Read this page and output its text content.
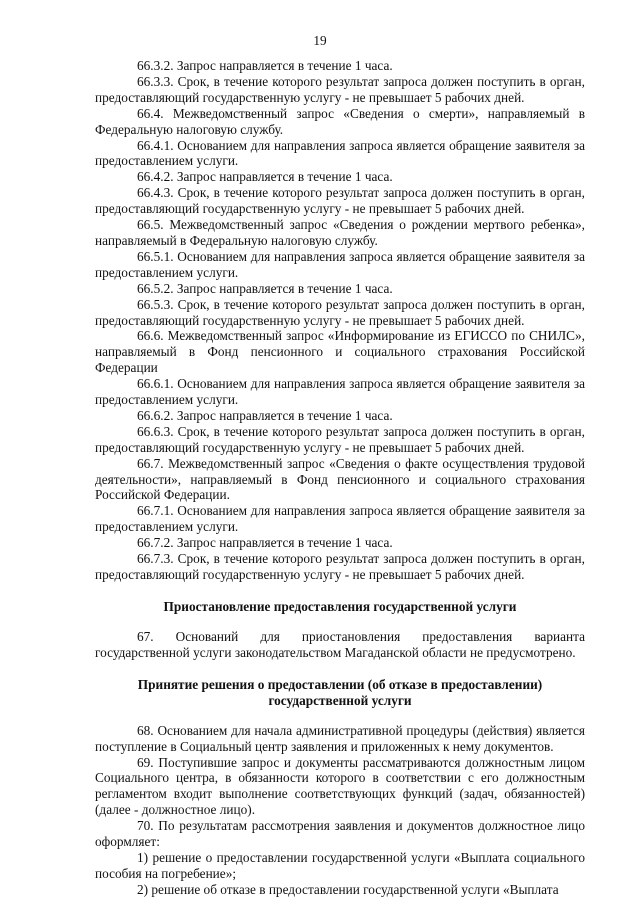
19

66.3.2. Запрос направляется в течение 1 часа.

66.3.3. Срок, в течение которого результат запроса должен поступить в орган, предоставляющий государственную услугу - не превышает 5 рабочих дней.

66.4. Межведомственный запрос «Сведения о смерти», направляемый в Федеральную налоговую службу.

66.4.1. Основанием для направления запроса является обращение заявителя за предоставлением услуги.

66.4.2. Запрос направляется в течение 1 часа.

66.4.3. Срок, в течение которого результат запроса должен поступить в орган, предоставляющий государственную услугу - не превышает 5 рабочих дней.

66.5. Межведомственный запрос «Сведения о рождении мертвого ребенка», направляемый в Федеральную налоговую службу.

66.5.1. Основанием для направления запроса является обращение заявителя за предоставлением услуги.

66.5.2. Запрос направляется в течение 1 часа.

66.5.3. Срок, в течение которого результат запроса должен поступить в орган, предоставляющий государственную услугу - не превышает 5 рабочих дней.

66.6. Межведомственный запрос «Информирование из ЕГИССО по СНИЛС», направляемый в Фонд пенсионного и социального страхования Российской Федерации

66.6.1. Основанием для направления запроса является обращение заявителя за предоставлением услуги.

66.6.2. Запрос направляется в течение 1 часа.

66.6.3. Срок, в течение которого результат запроса должен поступить в орган, предоставляющий государственную услугу - не превышает 5 рабочих дней.

66.7. Межведомственный запрос «Сведения о факте осуществления трудовой деятельности», направляемый в Фонд пенсионного и социального страхования Российской Федерации.

66.7.1. Основанием для направления запроса является обращение заявителя за предоставлением услуги.

66.7.2. Запрос направляется в течение 1 часа.

66.7.3. Срок, в течение которого результат запроса должен поступить в орган, предоставляющий государственную услугу - не превышает 5 рабочих дней.

Приостановление предоставления государственной услуги

67. Оснований для приостановления предоставления варианта государственной услуги законодательством Магаданской области не предусмотрено.

Принятие решения о предоставлении (об отказе в предоставлении) государственной услуги

68. Основанием для начала административной процедуры (действия) является поступление в Социальный центр заявления и приложенных к нему документов.

69. Поступившие запрос и документы рассматриваются должностным лицом Социального центра, в обязанности которого в соответствии с его должностным регламентом входит выполнение соответствующих функций (задач, обязанностей) (далее - должностное лицо).

70. По результатам рассмотрения заявления и документов должностное лицо оформляет:

1) решение о предоставлении государственной услуги «Выплата социального пособия на погребение»;

2) решение об отказе в предоставлении государственной услуги «Выплата
